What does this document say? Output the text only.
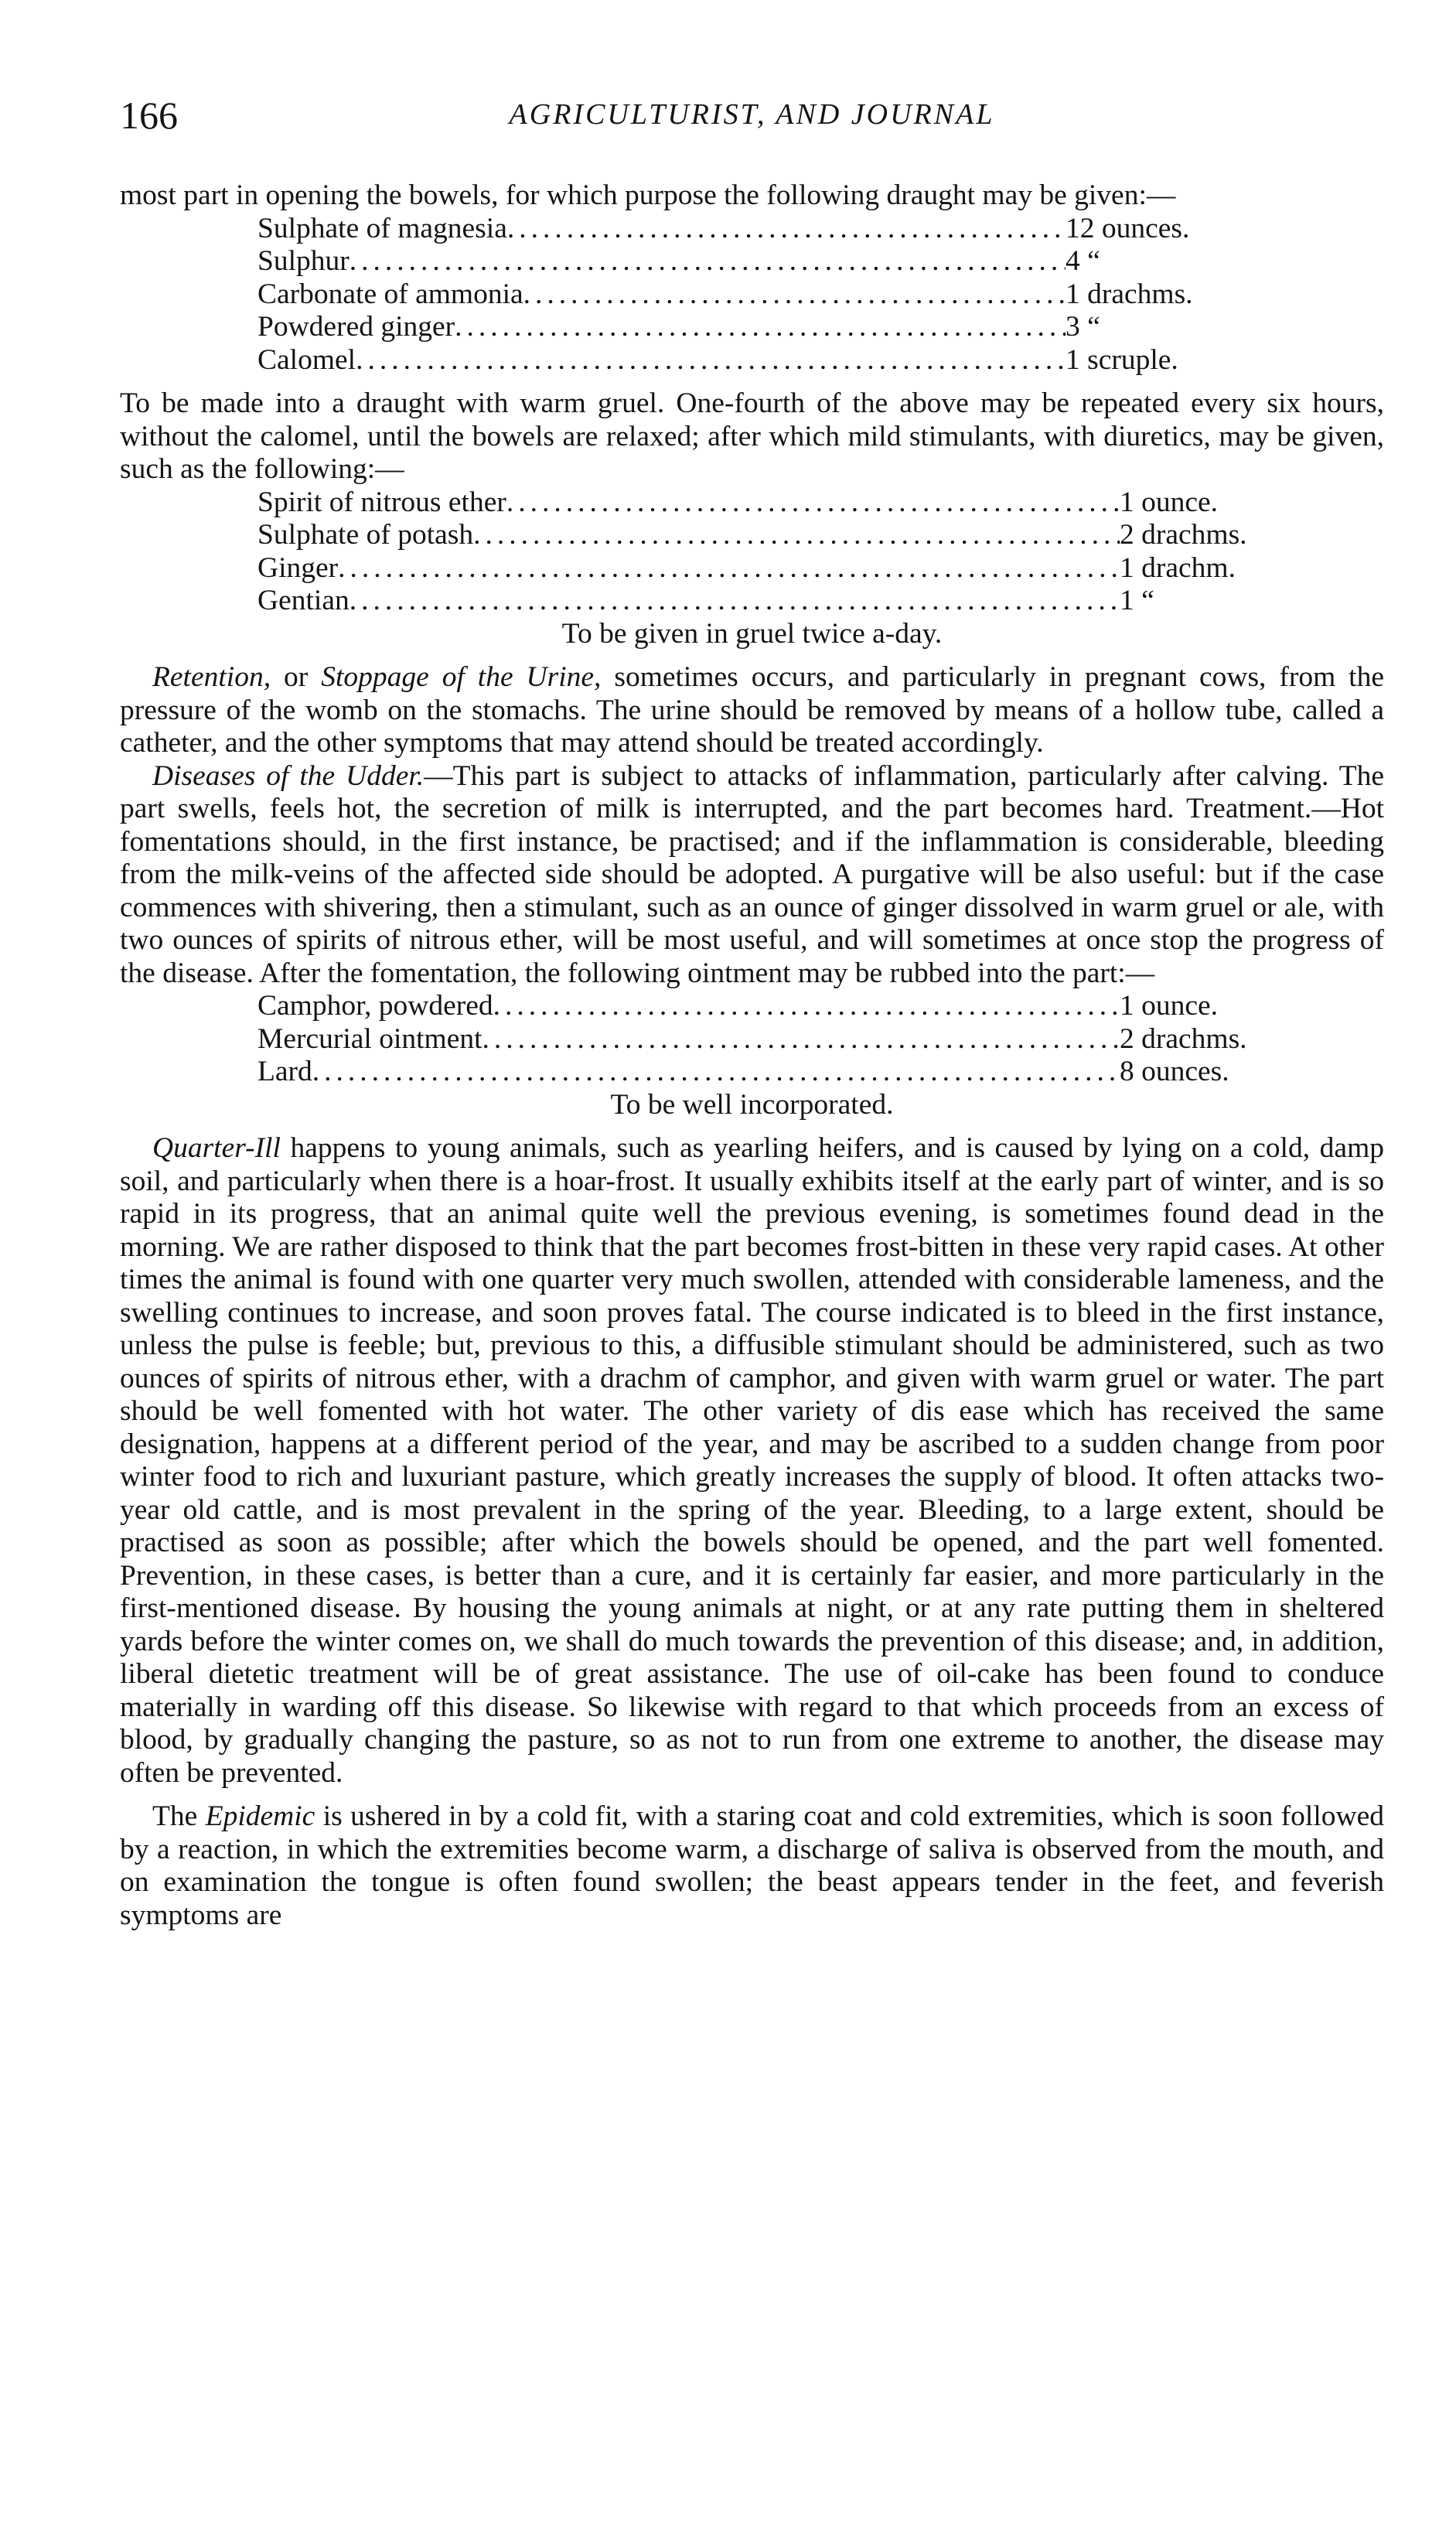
166	AGRICULTURIST, AND JOURNAL

most part in opening the bowels, for which purpose the following draught may be given:—

Sulphate of magnesia .....	12 ounces.
Sulphur .....	4 “
Carbonate of ammonia .....	1 drachms.
Powdered ginger .....	3 “
Calomel .....	1 scruple.

To be made into a draught with warm gruel. One-fourth of the above may be repeated every six hours, without the calomel, until the bowels are relaxed; after which mild stimulants, with diuretics, may be given, such as the following:—

Spirit of nitrous ether .....	1 ounce.
Sulphate of potash .....	2 drachms.
Ginger .....	1 drachm.
Gentian .....	1 “

To be given in gruel twice a-day.

Retention, or Stoppage of the Urine, sometimes occurs, and particularly in pregnant cows, from the pressure of the womb on the stomachs. The urine should be removed by means of a hollow tube, called a catheter, and the other symptoms that may attend should be treated accordingly.

Diseases of the Udder.—This part is subject to attacks of inflammation, particularly after calving. The part swells, feels hot, the secretion of milk is interrupted, and the part becomes hard. Treatment.—Hot fomentations should, in the first instance, be practised; and if the inflammation is considerable, bleeding from the milk-veins of the affected side should be adopted. A purgative will be also useful: but if the case commences with shivering, then a stimulant, such as an ounce of ginger dissolved in warm gruel or ale, with two ounces of spirits of nitrous ether, will be most useful, and will sometimes at once stop the progress of the disease. After the fomentation, the following ointment may be rubbed into the part:—

Camphor, powdered .....	1 ounce.
Mercurial ointment .....	2 drachms.
Lard .....	8 ounces.

To be well incorporated.

Quarter-Ill happens to young animals, such as yearling heifers, and is caused by lying on a cold, damp soil, and particularly when there is a hoar-frost. It usually exhibits itself at the early part of winter, and is so rapid in its progress, that an animal quite well the previous evening, is sometimes found dead in the morning. We are rather disposed to think that the part becomes frost-bitten in these very rapid cases. At other times the animal is found with one quarter very much swollen, attended with considerable lameness, and the swelling continues to increase, and soon proves fatal. The course indicated is to bleed in the first instance, unless the pulse is feeble; but, previous to this, a diffusible stimulant should be administered, such as two ounces of spirits of nitrous ether, with a drachm of camphor, and given with warm gruel or water. The part should be well fomented with hot water. The other variety of dis ease which has received the same designation, happens at a different period of the year, and may be ascribed to a sudden change from poor winter food to rich and luxuriant pasture, which greatly increases the supply of blood. It often attacks two-year old cattle, and is most prevalent in the spring of the year. Bleeding, to a large extent, should be practised as soon as possible; after which the bowels should be opened, and the part well fomented. Prevention, in these cases, is better than a cure, and it is certainly far easier, and more particularly in the first-mentioned disease. By housing the young animals at night, or at any rate putting them in sheltered yards before the winter comes on, we shall do much towards the prevention of this disease; and, in addition, liberal dietetic treatment will be of great assistance. The use of oil-cake has been found to conduce materially in warding off this disease. So likewise with regard to that which proceeds from an excess of blood, by gradually changing the pasture, so as not to run from one extreme to another, the disease may often be prevented.

The Epidemic is ushered in by a cold fit, with a staring coat and cold extremities, which is soon followed by a reaction, in which the extremities become warm, a discharge of saliva is observed from the mouth, and on examination the tongue is often found swollen; the beast appears tender in the feet, and feverish symptoms are
